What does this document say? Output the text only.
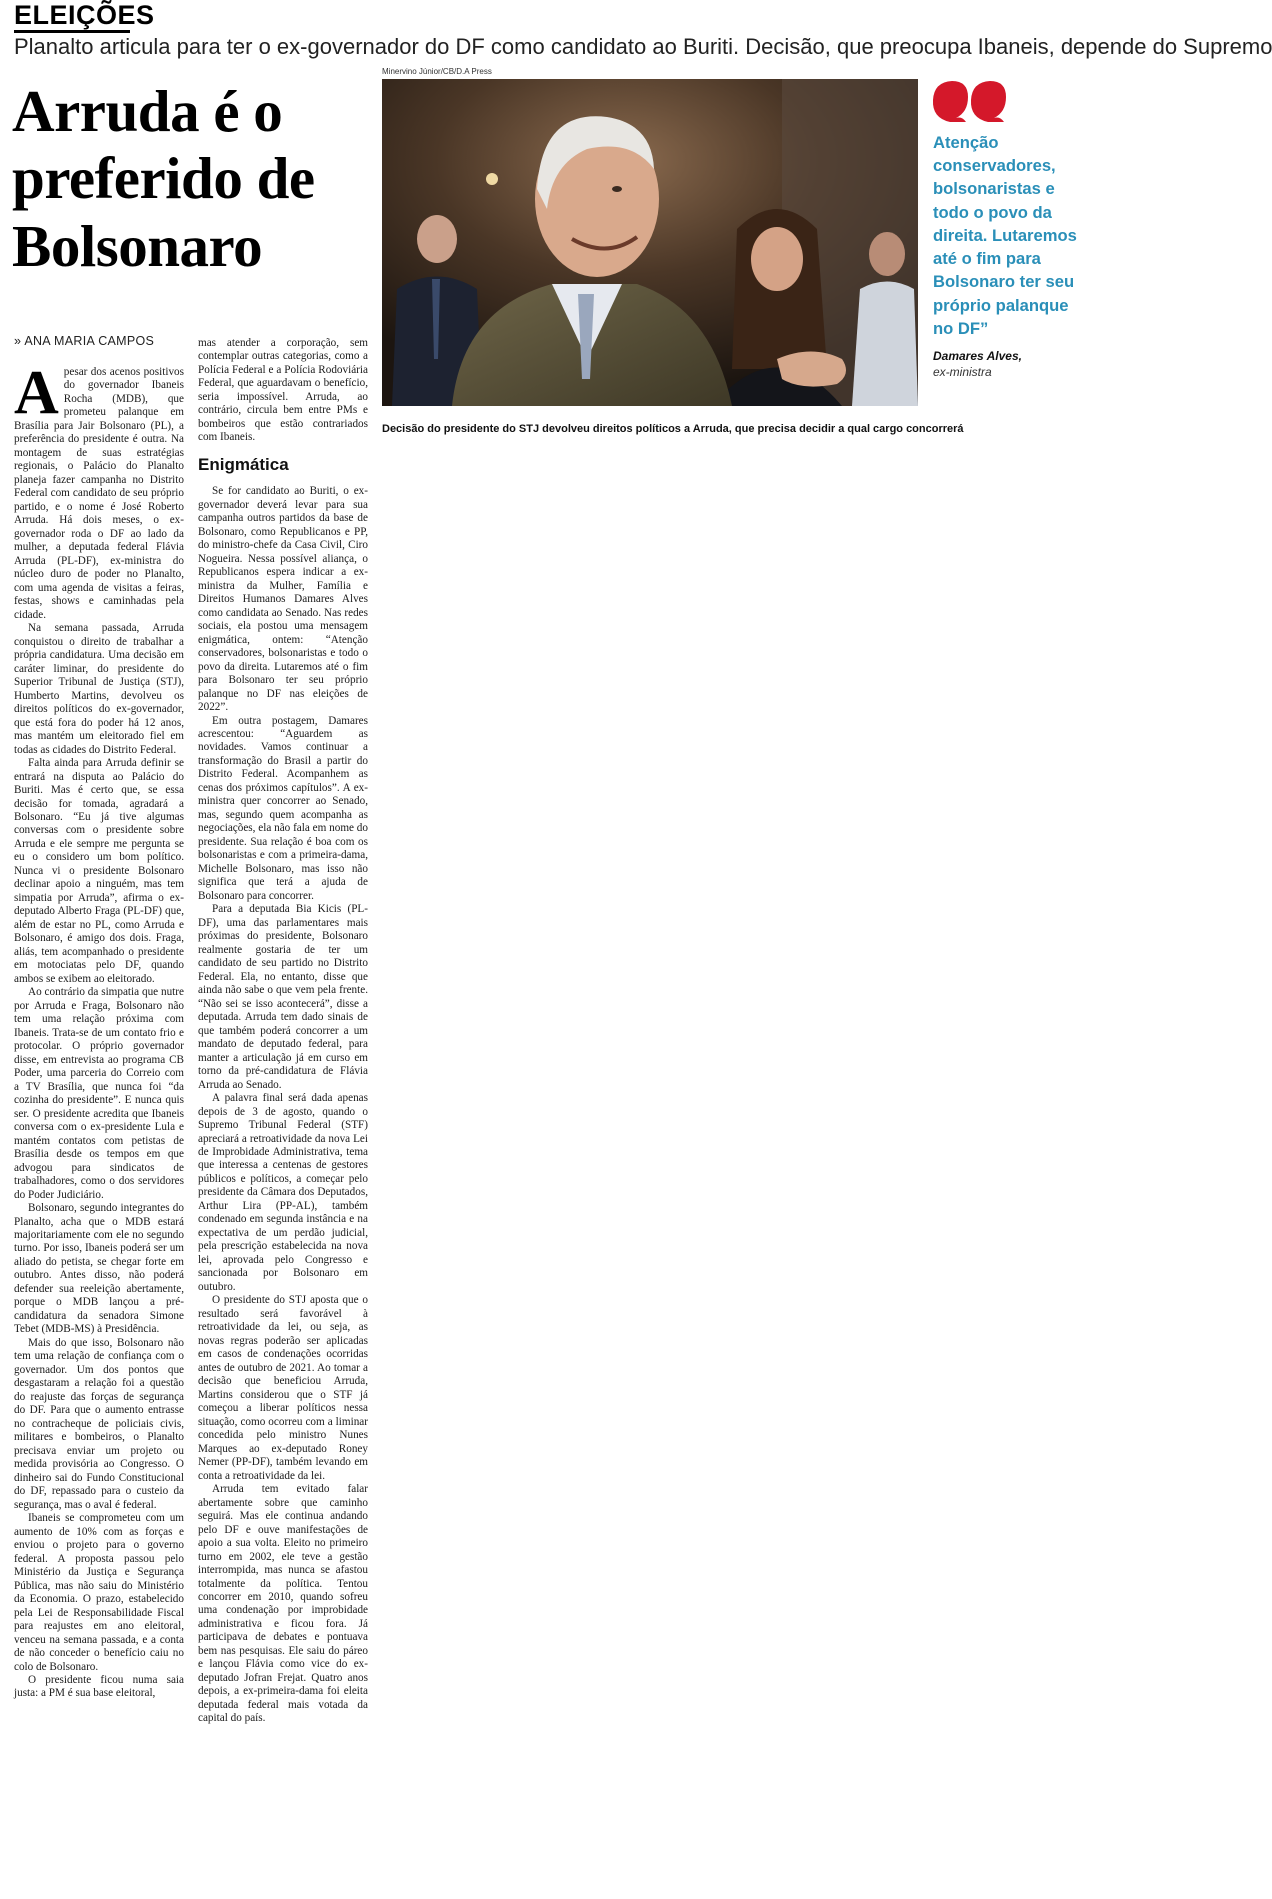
ELEIÇÕES
Planalto articula para ter o ex-governador do DF como candidato ao Buriti. Decisão, que preocupa Ibaneis, depende do Supremo
Arruda é o preferido de Bolsonaro
» ANA MARIA CAMPOS
Minervino Júnior/CB/D.A Press
Decisão do presidente do STJ devolveu direitos políticos a Arruda, que precisa decidir a qual cargo concorrerá
Atenção conservadores, bolsonaristas e todo o povo da direita. Lutaremos até o fim para Bolsonaro ter seu próprio palanque no DF”
Damares Alves,
ex-ministra

Apesar dos acenos positivos do governador Ibaneis Rocha (MDB), que prometeu palanque em Brasília para Jair Bolsonaro (PL), a preferência do presidente é outra. Na montagem de suas estratégias regionais, o Palácio do Planalto planeja fazer campanha no Distrito Federal com candidato de seu próprio partido, e o nome é José Roberto Arruda. Há dois meses, o ex-governador roda o DF ao lado da mulher, a deputada federal Flávia Arruda (PL-DF), ex-ministra do núcleo duro de poder no Planalto, com uma agenda de visitas a feiras, festas, shows e caminhadas pela cidade.

Na semana passada, Arruda conquistou o direito de trabalhar a própria candidatura. Uma decisão em caráter liminar, do presidente do Superior Tribunal de Justiça (STJ), Humberto Martins, devolveu os direitos políticos do ex-governador, que está fora do poder há 12 anos, mas mantém um eleitorado fiel em todas as cidades do Distrito Federal.

Falta ainda para Arruda definir se entrará na disputa ao Palácio do Buriti. Mas é certo que, se essa decisão for tomada, agradará a Bolsonaro. “Eu já tive algumas conversas com o presidente sobre Arruda e ele sempre me pergunta se eu o considero um bom político. Nunca vi o presidente Bolsonaro declinar apoio a ninguém, mas tem simpatia por Arruda”, afirma o ex-deputado Alberto Fraga (PL-DF) que, além de estar no PL, como Arruda e Bolsonaro, é amigo dos dois. Fraga, aliás, tem acompanhado o presidente em motociatas pelo DF, quando ambos se exibem ao eleitorado.

Ao contrário da simpatia que nutre por Arruda e Fraga, Bolsonaro não tem uma relação próxima com Ibaneis. Trata-se de um contato frio e protocolar. O próprio governador disse, em entrevista ao programa CB Poder, uma parceria do Correio com a TV Brasília, que nunca foi “da cozinha do presidente”. E nunca quis ser. O presidente acredita que Ibaneis conversa com o ex-presidente Lula e mantém contatos com petistas de Brasília desde os tempos em que advogou para sindicatos de trabalhadores, como o dos servidores do Poder Judiciário.

Bolsonaro, segundo integrantes do Planalto, acha que o MDB estará majoritariamente com ele no segundo turno. Por isso, Ibaneis poderá ser um aliado do petista, se chegar forte em outubro. Antes disso, não poderá defender sua reeleição abertamente, porque o MDB lançou a pré-candidatura da senadora Simone Tebet (MDB-MS) à Presidência.

Mais do que isso, Bolsonaro não tem uma relação de confiança com o governador. Um dos pontos que desgastaram a relação foi a questão do reajuste das forças de segurança do DF. Para que o aumento entrasse no contracheque de policiais civis, militares e bombeiros, o Planalto precisava enviar um projeto ou medida provisória ao Congresso. O dinheiro sai do Fundo Constitucional do DF, repassado para o custeio da segurança, mas o aval é federal.

Ibaneis se comprometeu com um aumento de 10% com as forças e enviou o projeto para o governo federal. A proposta passou pelo Ministério da Justiça e Segurança Pública, mas não saiu do Ministério da Economia. O prazo, estabelecido pela Lei de Responsabilidade Fiscal para reajustes em ano eleitoral, venceu na semana passada, e a conta de não conceder o benefício caiu no colo de Bolsonaro.

O presidente ficou numa saia justa: a PM é sua base eleitoral,

mas atender a corporação, sem contemplar outras categorias, como a Polícia Federal e a Polícia Rodoviária Federal, que aguardavam o benefício, seria impossível. Arruda, ao contrário, circula bem entre PMs e bombeiros que estão contrariados com Ibaneis.

Enigmática

Se for candidato ao Buriti, o ex-governador deverá levar para sua campanha outros partidos da base de Bolsonaro, como Republicanos e PP, do ministro-chefe da Casa Civil, Ciro Nogueira. Nessa possível aliança, o Republicanos espera indicar a ex-ministra da Mulher, Família e Direitos Humanos Damares Alves como candidata ao Senado. Nas redes sociais, ela postou uma mensagem enigmática, ontem: “Atenção conservadores, bolsonaristas e todo o povo da direita. Lutaremos até o fim para Bolsonaro ter seu próprio palanque no DF nas eleições de 2022”.

Em outra postagem, Damares acrescentou: “Aguardem as novidades. Vamos continuar a transformação do Brasil a partir do Distrito Federal. Acompanhem as cenas dos próximos capítulos”. A ex-ministra quer concorrer ao Senado, mas, segundo quem acompanha as negociações, ela não fala em nome do presidente. Sua relação é boa com os bolsonaristas e com a primeira-dama, Michelle Bolsonaro, mas isso não significa que terá a ajuda de Bolsonaro para concorrer.

Para a deputada Bia Kicis (PL-DF), uma das parlamentares mais próximas do presidente, Bolsonaro realmente gostaria de ter um candidato de seu partido no Distrito Federal. Ela, no entanto, disse que ainda não sabe o que vem pela frente. “Não sei se isso acontecerá”, disse a deputada. Arruda tem dado sinais de que também poderá concorrer a um mandato de deputado federal, para manter a articulação já em curso em torno da pré-candidatura de Flávia Arruda ao Senado.

A palavra final será dada apenas depois de 3 de agosto, quando o Supremo Tribunal Federal (STF) apreciará a retroatividade da nova Lei de Improbidade Administrativa, tema que interessa a centenas de gestores públicos e políticos, a começar pelo presidente da Câmara dos Deputados, Arthur Lira (PP-AL), também condenado em segunda instância e na expectativa de um perdão judicial, pela prescrição estabelecida na nova lei, aprovada pelo Congresso e sancionada por Bolsonaro em outubro.

O presidente do STJ aposta que o resultado será favorável à retroatividade da lei, ou seja, as novas regras poderão ser aplicadas em casos de condenações ocorridas antes de outubro de 2021. Ao tomar a decisão que beneficiou Arruda, Martins considerou que o STF já começou a liberar políticos nessa situação, como ocorreu com a liminar concedida pelo ministro Nunes Marques ao ex-deputado Roney Nemer (PP-DF), também levando em conta a retroatividade da lei.

Arruda tem evitado falar abertamente sobre que caminho seguirá. Mas ele continua andando pelo DF e ouve manifestações de apoio a sua volta. Eleito no primeiro turno em 2002, ele teve a gestão interrompida, mas nunca se afastou totalmente da política. Tentou concorrer em 2010, quando sofreu uma condenação por improbidade administrativa e ficou fora. Já participava de debates e pontuava bem nas pesquisas. Ele saiu do páreo e lançou Flávia como vice do ex-deputado Jofran Frejat. Quatro anos depois, a ex-primeira-dama foi eleita deputada federal mais votada da capital do país.
